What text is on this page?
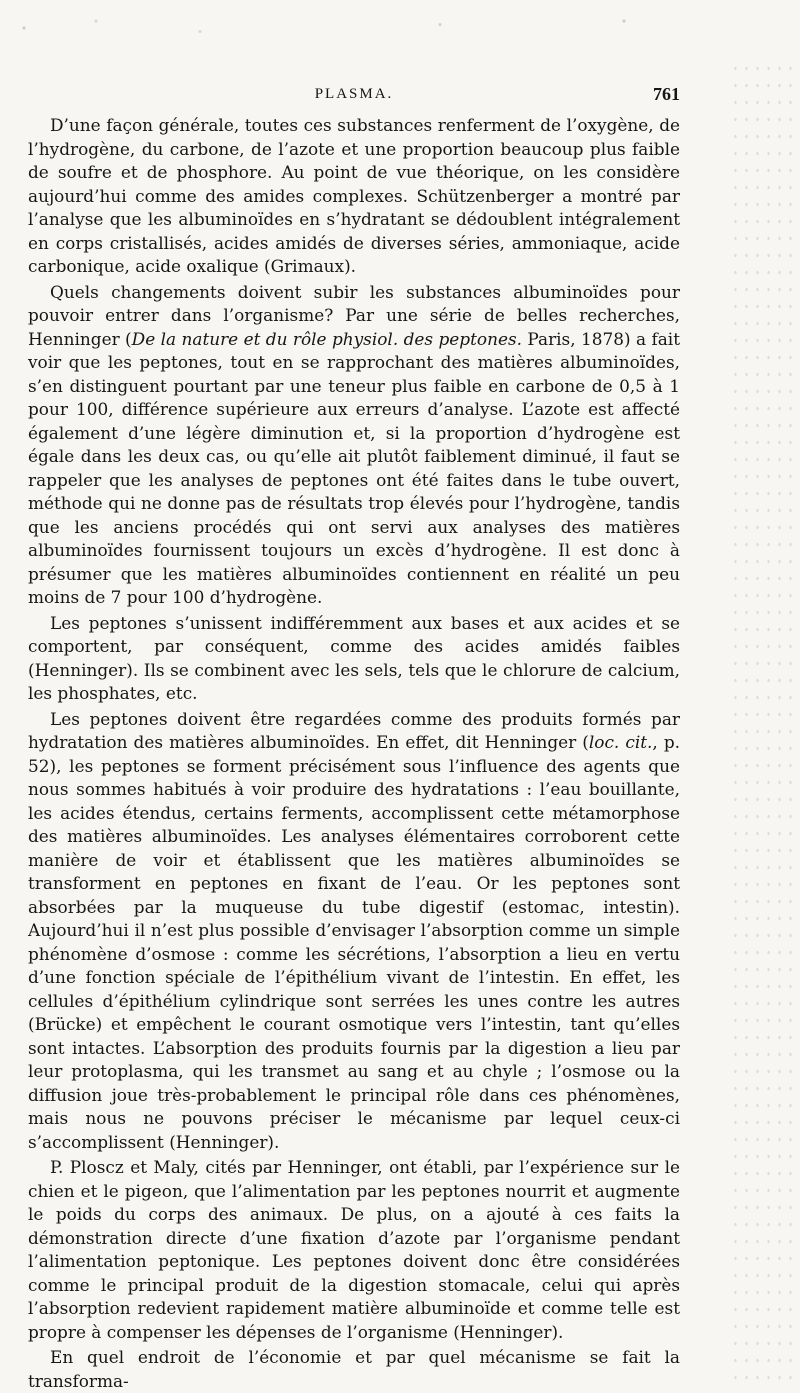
PLASMA.	761

D’une façon générale, toutes ces substances renferment de l’oxygène, de l’hydrogène, du carbone, de l’azote et une proportion beaucoup plus faible de soufre et de phosphore. Au point de vue théorique, on les considère aujourd’hui comme des amides complexes. Schützenberger a montré par l’analyse que les albuminoïdes en s’hydratant se dédoublent intégralement en corps cristallisés, acides amidés de diverses séries, ammoniaque, acide carbonique, acide oxalique (Grimaux).

Quels changements doivent subir les substances albuminoïdes pour pouvoir entrer dans l’organisme? Par une série de belles recherches, Henninger (De la nature et du rôle physiol. des peptones. Paris, 1878) a fait voir que les peptones, tout en se rapprochant des matières albuminoïdes, s’en distinguent pourtant par une teneur plus faible en carbone de 0,5 à 1 pour 100, différence supérieure aux erreurs d’analyse. L’azote est affecté également d’une légère diminution et, si la proportion d’hydrogène est égale dans les deux cas, ou qu’elle ait plutôt faiblement diminué, il faut se rappeler que les analyses de peptones ont été faites dans le tube ouvert, méthode qui ne donne pas de résultats trop élevés pour l’hydrogène, tandis que les anciens procédés qui ont servi aux analyses des matières albuminoïdes fournissent toujours un excès d’hydrogène. Il est donc à présumer que les matières albuminoïdes contiennent en réalité un peu moins de 7 pour 100 d’hydrogène.

Les peptones s’unissent indifféremment aux bases et aux acides et se comportent, par conséquent, comme des acides amidés faibles (Henninger). Ils se combinent avec les sels, tels que le chlorure de calcium, les phosphates, etc.

Les peptones doivent être regardées comme des produits formés par hydratation des matières albuminoïdes. En effet, dit Henninger (loc. cit., p. 52), les peptones se forment précisément sous l’influence des agents que nous sommes habitués à voir produire des hydratations : l’eau bouillante, les acides étendus, certains ferments, accomplissent cette métamorphose des matières albuminoïdes. Les analyses élémentaires corroborent cette manière de voir et établissent que les matières albuminoïdes se transforment en peptones en fixant de l’eau. Or les peptones sont absorbées par la muqueuse du tube digestif (estomac, intestin). Aujourd’hui il n’est plus possible d’envisager l’absorption comme un simple phénomène d’osmose : comme les sécrétions, l’absorption a lieu en vertu d’une fonction spéciale de l’épithélium vivant de l’intestin. En effet, les cellules d’épithélium cylindrique sont serrées les unes contre les autres (Brücke) et empêchent le courant osmotique vers l’intestin, tant qu’elles sont intactes. L’absorption des produits fournis par la digestion a lieu par leur protoplasma, qui les transmet au sang et au chyle ; l’osmose ou la diffusion joue très-probablement le principal rôle dans ces phénomènes, mais nous ne pouvons préciser le mécanisme par lequel ceux-ci s’accomplissent (Henninger).

P. Ploscz et Maly, cités par Henninger, ont établi, par l’expérience sur le chien et le pigeon, que l’alimentation par les peptones nourrit et augmente le poids du corps des animaux. De plus, on a ajouté à ces faits la démonstration directe d’une fixation d’azote par l’organisme pendant l’alimentation peptonique. Les peptones doivent donc être considérées comme le principal produit de la digestion stomacale, celui qui après l’absorption redevient rapidement matière albuminoïde et comme telle est propre à compenser les dépenses de l’organisme (Henninger).

En quel endroit de l’économie et par quel mécanisme se fait la transforma-
